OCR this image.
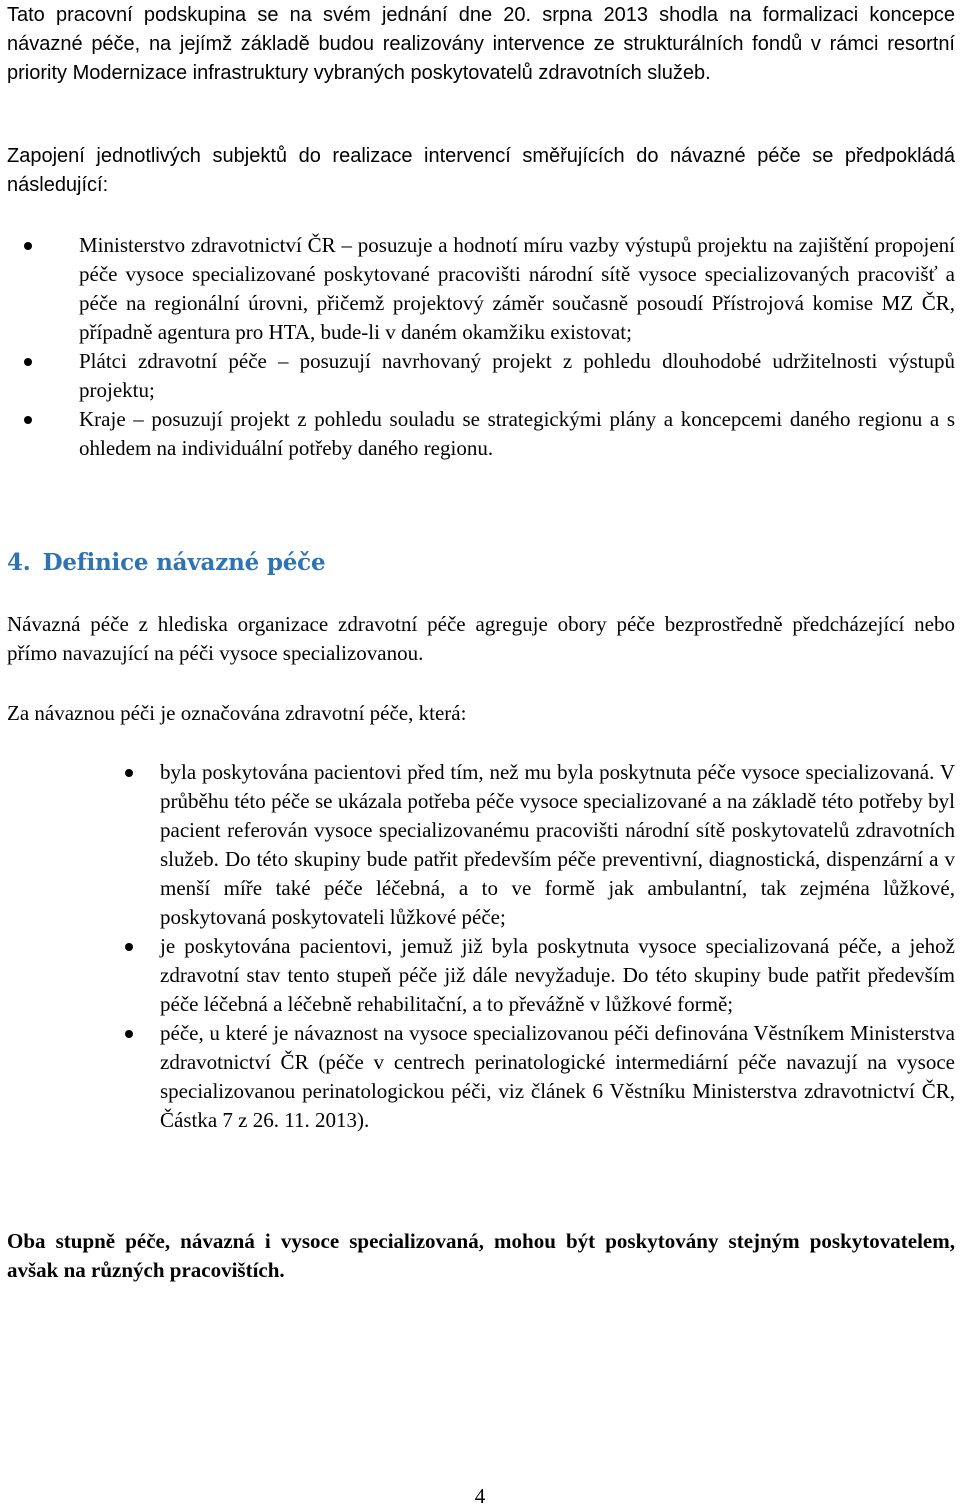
Tato pracovní podskupina se na svém jednání dne 20. srpna 2013 shodla na formalizaci koncepce návazné péče, na jejímž základě budou realizovány intervence ze strukturálních fondů v rámci resortní priority Modernizace infrastruktury vybraných poskytovatelů zdravotních služeb.

Zapojení jednotlivých subjektů do realizace intervencí směřujících do návazné péče se předpokládá následující:

Ministerstvo zdravotnictví ČR – posuzuje a hodnotí míru vazby výstupů projektu na zajištění propojení péče vysoce specializované poskytované pracovišti národní sítě vysoce specializovaných pracovišť a péče na regionální úrovni, přičemž projektový záměr současně posoudí Přístrojová komise MZ ČR, případně agentura pro HTA, bude-li v daném okamžiku existovat;
Plátci zdravotní péče – posuzují navrhovaný projekt z pohledu dlouhodobé udržitelnosti výstupů projektu;
Kraje – posuzují projekt z pohledu souladu se strategickými plány a koncepcemi daného regionu a s ohledem na individuální potřeby daného regionu.
4. Definice návazné péče

Návazná péče z hlediska organizace zdravotní péče agreguje obory péče bezprostředně předcházející nebo přímo navazující na péči vysoce specializovanou.

Za návaznou péči je označována zdravotní péče, která:

byla poskytována pacientovi před tím, než mu byla poskytnuta péče vysoce specializovaná. V průběhu této péče se ukázala potřeba péče vysoce specializované a na základě této potřeby byl pacient referován vysoce specializovanému pracovišti národní sítě poskytovatelů zdravotních služeb. Do této skupiny bude patřit především péče preventivní, diagnostická, dispenzární a v menší míře také péče léčebná, a to ve formě jak ambulantní, tak zejména lůžkové, poskytovaná poskytovateli lůžkové péče;
je poskytována pacientovi, jemuž již byla poskytnuta vysoce specializovaná péče, a jehož zdravotní stav tento stupeň péče již dále nevyžaduje. Do této skupiny bude patřit především péče léčebná a léčebně rehabilitační, a to převážně v lůžkové formě;
péče, u které je návaznost na vysoce specializovanou péči definována Věstníkem Ministerstva zdravotnictví ČR (péče v centrech perinatologické intermediární péče navazují na vysoce specializovanou perinatologickou péči, viz článek 6 Věstníku Ministerstva zdravotnictví ČR, Částka 7 z 26. 11. 2013).

Oba stupně péče, návazná i vysoce specializovaná, mohou být poskytovány stejným poskytovatelem, avšak na různých pracovištích.

4
